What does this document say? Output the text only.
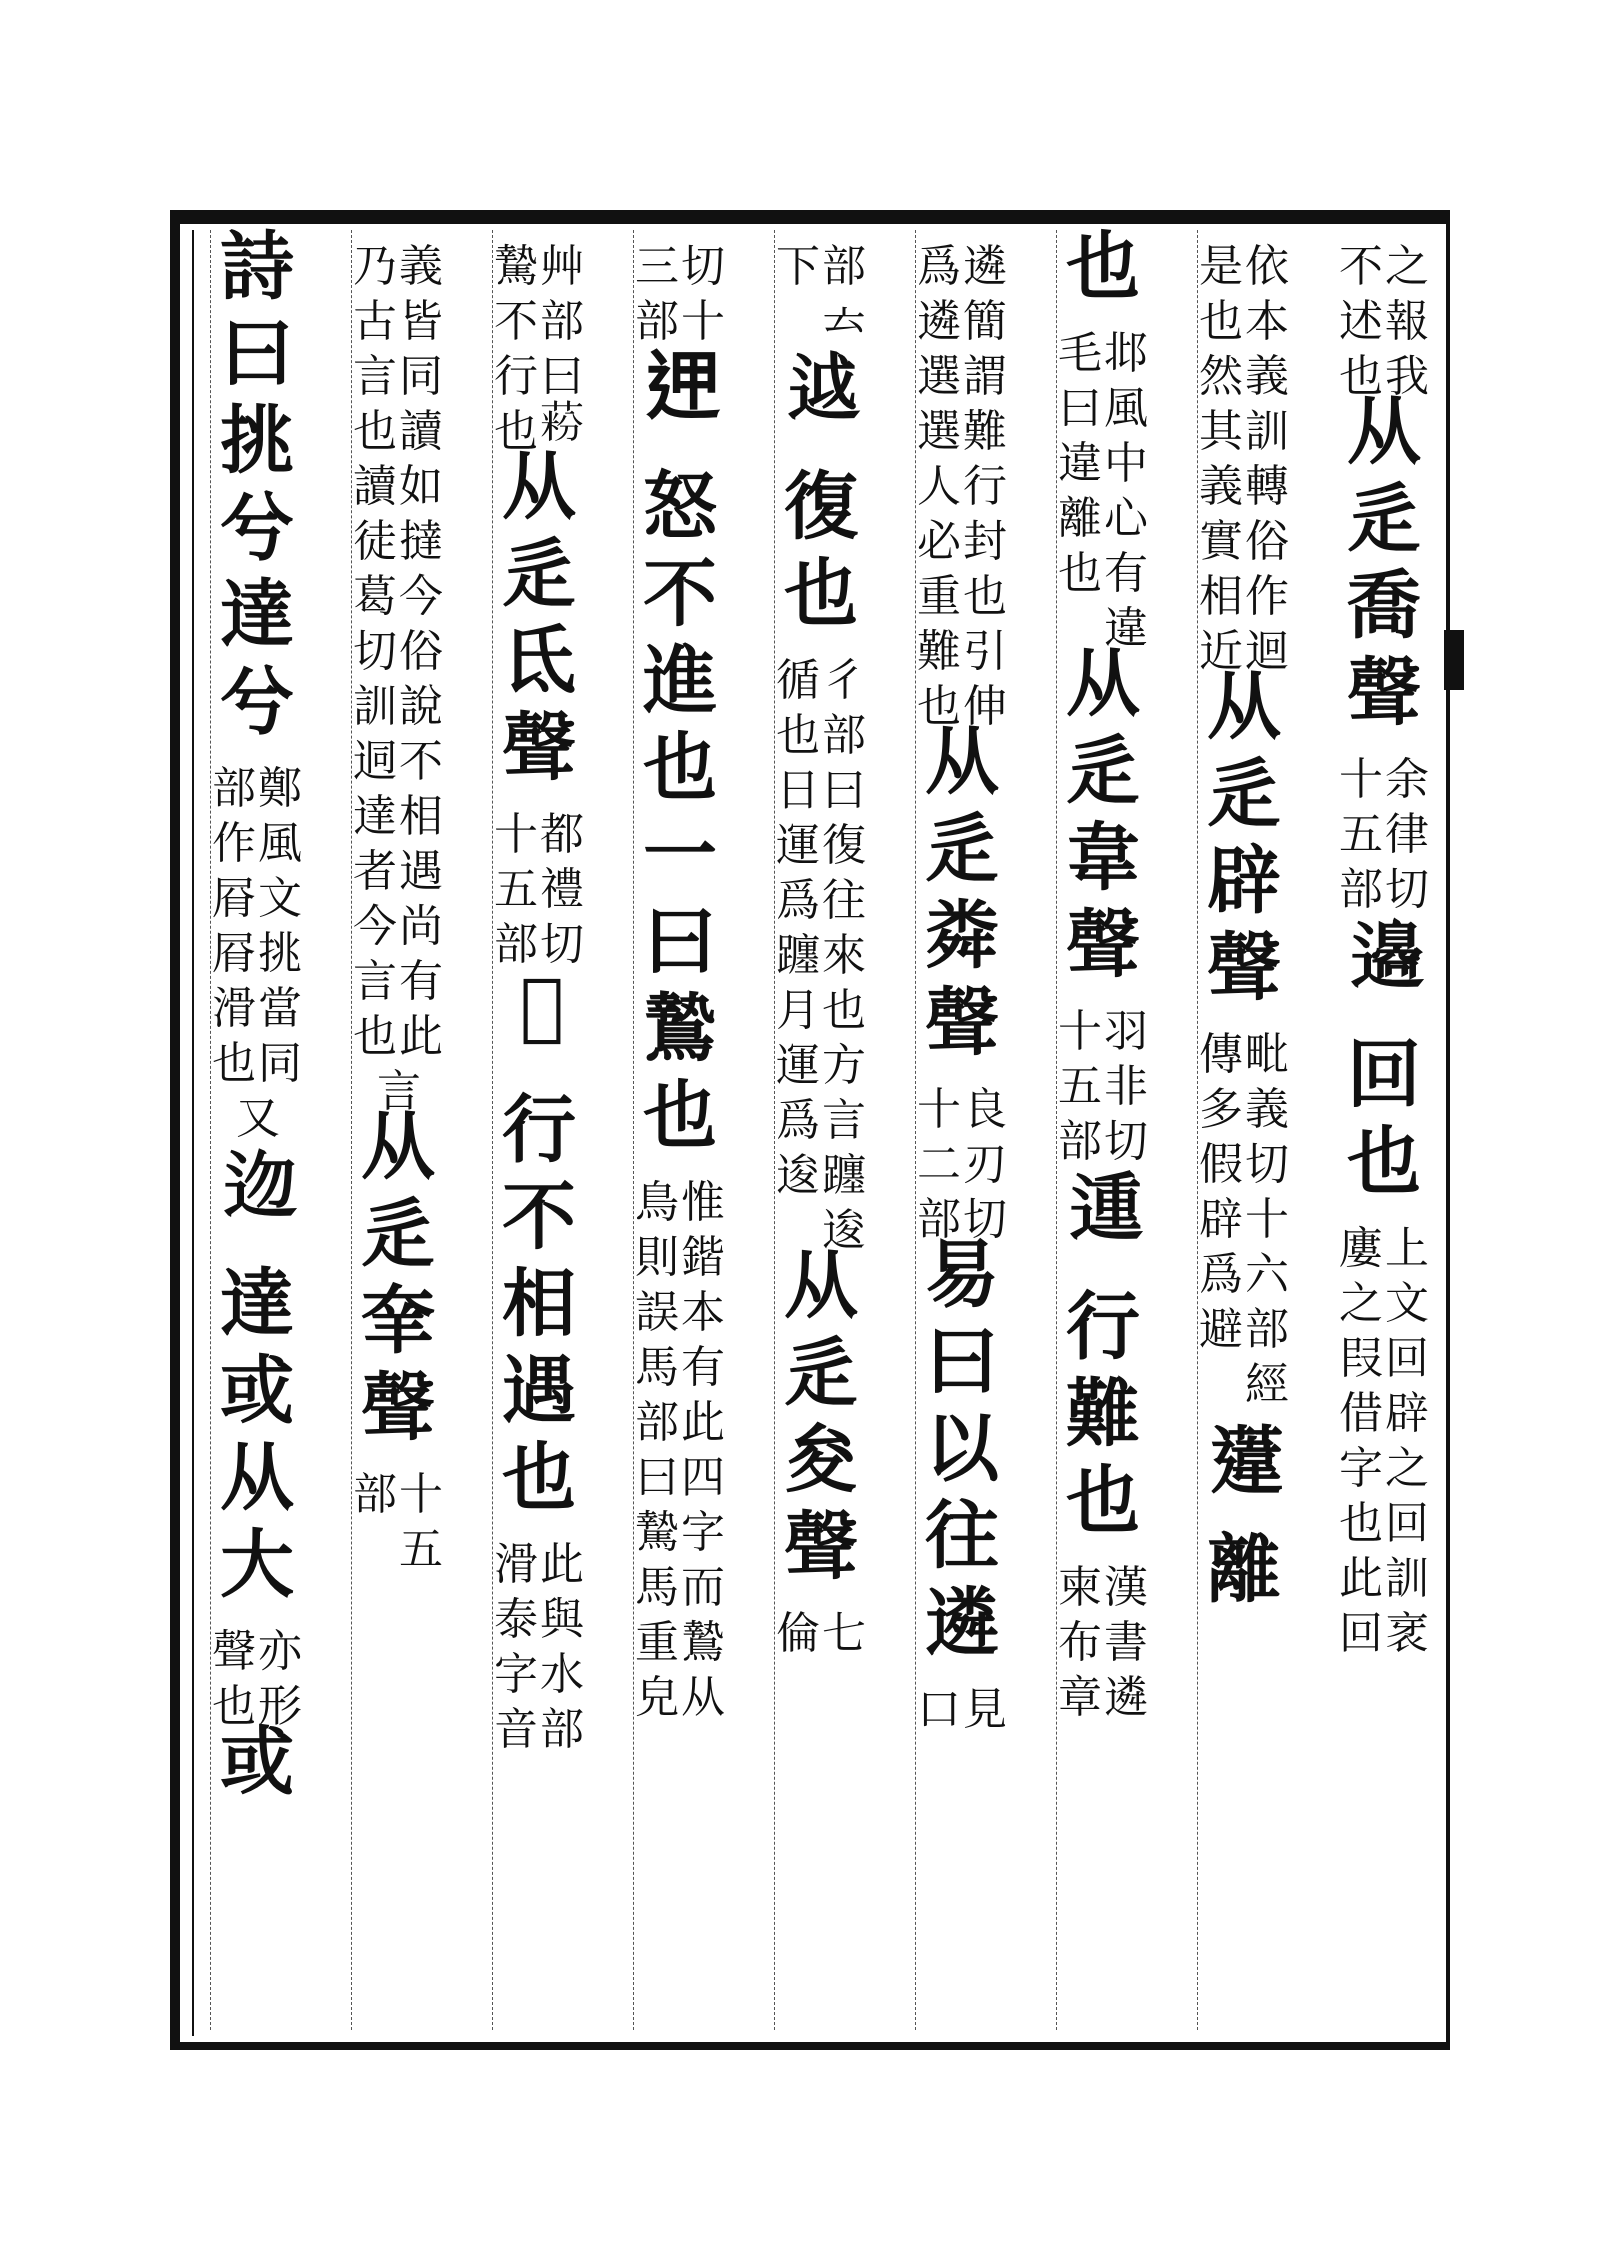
之
報
我
不
述
也
从
辵
喬
聲
余
律
切
十
五
部
𨘢
回
也
上
文
回
辟
之
回
訓
衺
廔
之
叚
借
字
也
此
回
依
本
義
訓
轉
俗
作
迴
是
也
然
其
義
實
相
近
从
辵
辟
聲
毗
義
切
十
六
部
經
傳
多
假
辟
爲
避
𨗨
離
也
邶
風
中
心
有
違
毛
曰
違
離
也
从
辵
韋
聲
羽
非
切
十
五
部
𨔝
行
難
也
漢
書
遴
柬
布
章
遴
簡
謂
難
行
封
也
引
伸
爲
遴
選
選
人
必
重
難
也
从
辵
粦
聲
良
刃
切
十
二
部
易
曰
以
往
遴
見
口
部
𠫓
下
𨒋
復
也
彳
部
曰
復
往
來
也
方
言
躔
逡
循
也
日
運
爲
躔
月
運
爲
逡
从
辵
夋
聲
七
倫
切
十
三
部
𨒇
怒
不
進
也
一
曰
鷙
也
惟
鍇
本
有
此
四
字
而
鷙
从
鳥
則
誤
馬
部
曰
騺
馬
重
皃
艸
騺
部
曰
𦶚
不
行
也
从
辵
氐
聲
都
禮
切
十
五
部
𨕖
行
不
相
遇
也
此
與
水
部
滑
泰
字
音
義
皆
同
讀
如
撻
今
俗
說
不
相
遇
尚
有
此
乃
古
言
也
讀
徒
葛
切
訓
迵
達
者
今
言
也
言
从
辵
羍
聲
十
五
部
詩
曰
挑
兮
達
兮
鄭
風
文
挑
當
同
部
作
㞕
㞕
滑
也
又
𨑥
達
或
从
大
亦
形
聲
也
或
